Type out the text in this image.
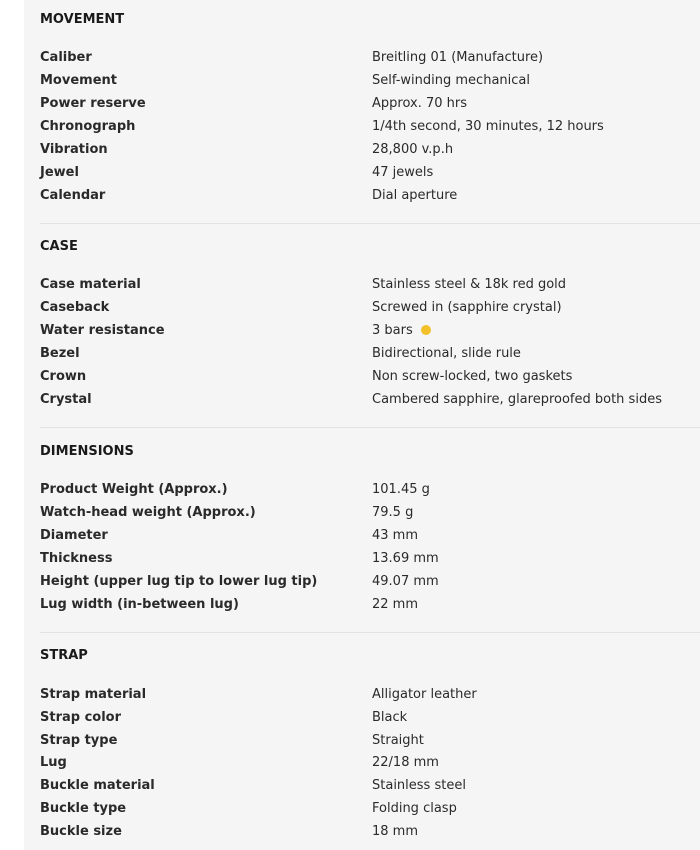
MOVEMENT
Caliber	Breitling 01 (Manufacture)
Movement	Self-winding mechanical
Power reserve	Approx. 70 hrs
Chronograph	1/4th second, 30 minutes, 12 hours
Vibration	28,800 v.p.h
Jewel	47 jewels
Calendar	Dial aperture
CASE
Case material	Stainless steel & 18k red gold
Caseback	Screwed in (sapphire crystal)
Water resistance	3 bars
Bezel	Bidirectional, slide rule
Crown	Non screw-locked, two gaskets
Crystal	Cambered sapphire, glareproofed both sides
DIMENSIONS
Product Weight (Approx.)	101.45 g
Watch-head weight (Approx.)	79.5 g
Diameter	43 mm
Thickness	13.69 mm
Height (upper lug tip to lower lug tip)	49.07 mm
Lug width (in-between lug)	22 mm
STRAP
Strap material	Alligator leather
Strap color	Black
Strap type	Straight
Lug	22/18 mm
Buckle material	Stainless steel
Buckle type	Folding clasp
Buckle size	18 mm
